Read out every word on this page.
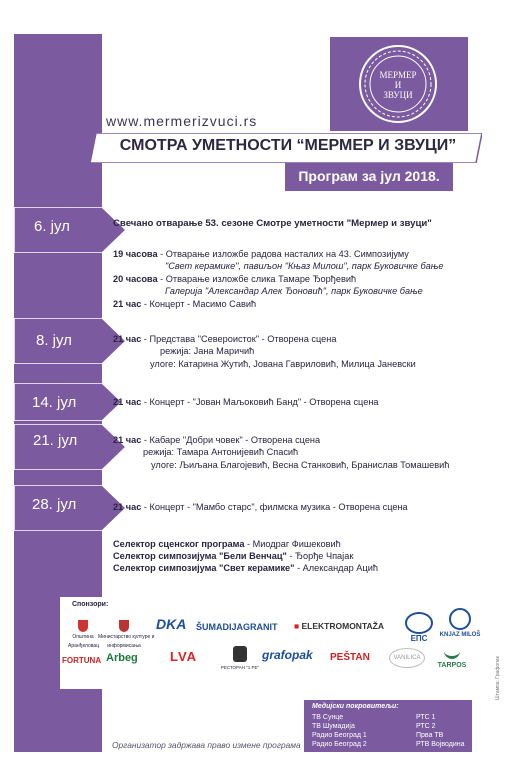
МЕРМЕР
И
ЗВУЦИ
www.mermerizvuci.rs
СМОТРА УМЕТНОСТИ “МЕРМЕР И ЗВУЦИ”
Програм за јул 2018.
6. јул
8. јул
14. јул
21. јул
28. јул
Свечано отварање 53. сезоне Смотре уметности "Мермер и звуци"
19 часова - Отварање изложбе радова насталих на 43. Симпозијуму
"Свет керамике", павиљон "Књаз Милош", парк Буковичке бање
20 часова - Отварање изложбе слика Тамаре Ђорђевић
Галерија "Александар Алек Ђоновић", парк Буковичке бање
21 час - Концерт - Масимо Савић
21 час - Представа "Североисток" - Отворена сцена
режија: Јана Маричић
улоге: Катарина Жутић, Јована Гавриловић, Милица Јаневски
21 час - Концерт - "Јован Маљоковић Бaнд" - Отворена сцена
21 час - Кабаре "Добри човек" - Отворена сцена
режија: Тамара Антонијевић Спасић
улоге: Љиљана Благојевић, Весна Станковић, Бранислав Томашевић
21 час - Концерт - "Мамбо старс", филмска музика - Отворена сцена
Селектор сценског програма - Миодраг Фишековић
Селектор симпозијума "Бели Венчац" - Ђорђе Чпајак
Селектор симпозијума "Свет керамике" - Александар Ацић
Спонзори:
Општина
Аранђеловац
Министарство културе и
информисања
DKA ŠUMADIJAGRANIT ■ ELEKTROMONTAŽA
ЕПС	KNJAZ MILOŠ
FORTUNA Arbeg LVA
РЕСТОРАН "1 РЕ"
grafopak PEŠTAN	VANILICA
TARPOS
Медијски покровитељи:
ТВ Сунце
ТВ Шумадија
Радио Београд 1
Радио Београд 2
РТС 1
РТС 2
Прва ТВ
РТВ Војводина
Организатор задржава право измене програма
Штампа: Графопак
